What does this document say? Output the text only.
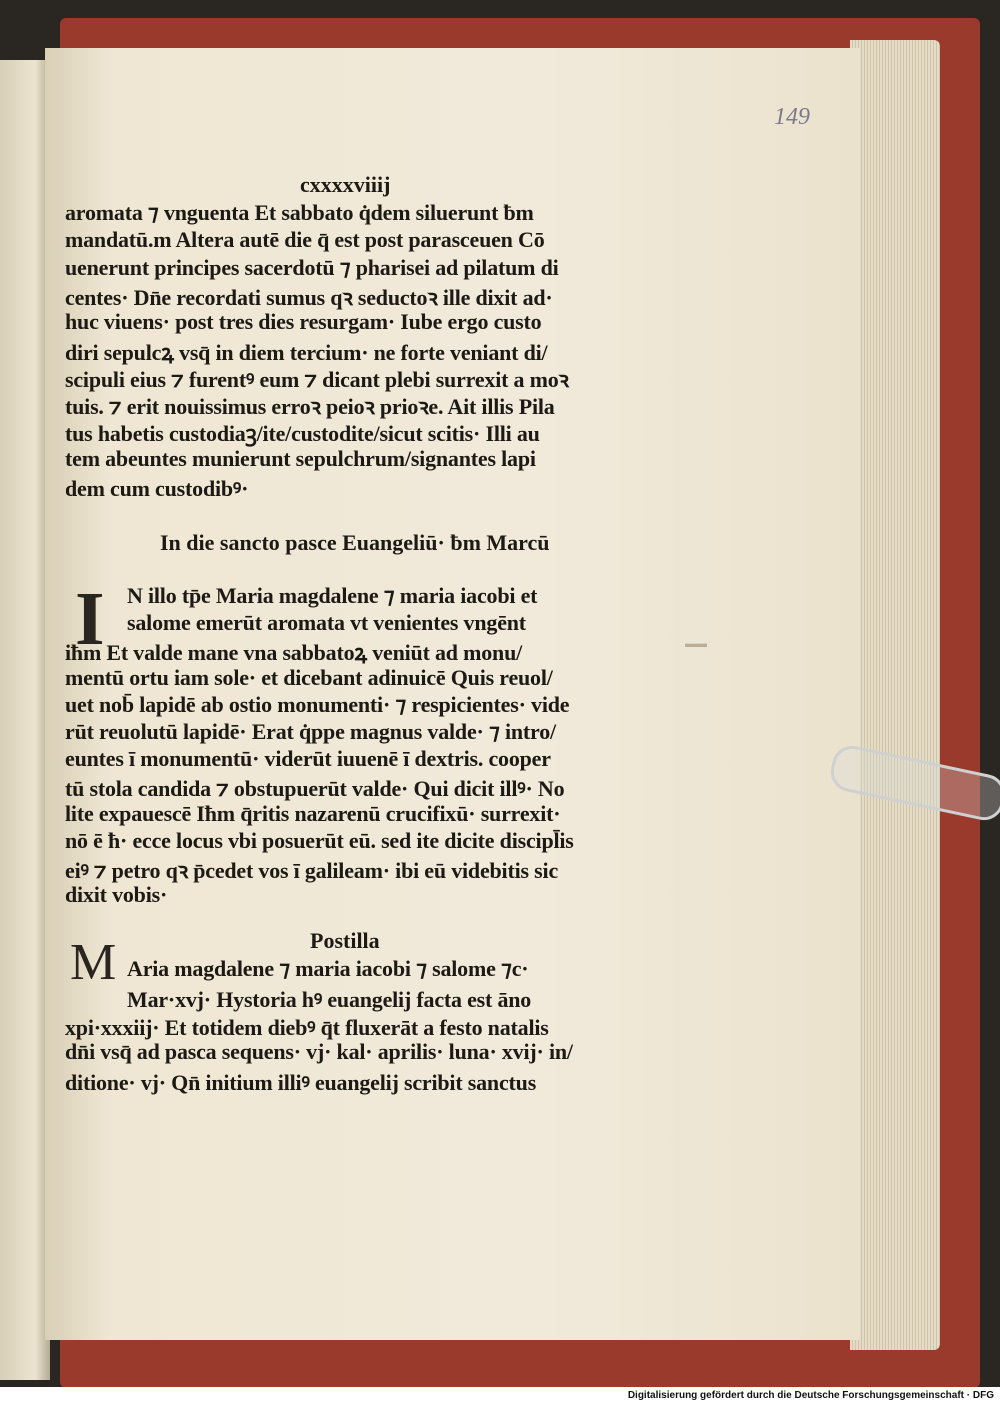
149
cxxxxviiij
aromata ⁊ vnguenta Et sabbato q̇dem siluerunt ƀm
mandatū.m Altera autē die q̄ est post parasceuen Cō
uenerunt principes sacerdotū ⁊ pharisei ad pilatum di
centes· Dn̄e recordati sumus qꝛ seductoꝛ ille dixit ad·
huc viuens· post tres dies resurgam· Iube ergo custo
diri sepulcꝝ vsq̄ in diem tercium· ne forte veniant di/
scipuli eius ⁊ furentꝰ eum ⁊ dicant plebi surrexit a moꝛ
tuis. ⁊ erit nouissimus erroꝛ peioꝛ prioꝛe. Ait illis Pila
tus habetis custodiaꝫ/ite/custodite/sicut scitis· Illi au
tem abeuntes munierunt sepulchrum/signantes lapi
dem cum custodibꝰ·
In die sancto pasce Euangeliū· ƀm Marcū
I N illo tp̄e Maria magdalene ⁊ maria iacobi et
salome emerūt aromata vt venientes vngēnt
iħm Et valde mane vna sabbatoꝝ veniūt ad monu/
mentū ortu iam sole· et dicebant adinuicē Quis reuol/
uet nob̄ lapidē ab ostio monumenti· ⁊ respicientes· vide
rūt reuolutū lapidē· Erat q̇ppe magnus valde· ⁊ intro/
euntes ī monumentū· viderūt iuuenē ī dextris. cooper
tū stola candida ⁊ obstupuerūt valde· Qui dicit illꝰ· No
lite expauescē Iħm q̄ritis nazarenū crucifixū· surrexit·
nō ē ħ· ecce locus vbi posuerūt eū. sed ite dicite discipl̄is
eiꝰ ⁊ petro qꝛ p̄cedet vos ī galileam· ibi eū videbitis sic
dixit vobis·
Postilla
M Aria magdalene ⁊ maria iacobi ⁊ salome ⁊c·
Mar·xvj· Hystoria hꝰ euangelij facta est āno
xpi·xxxiij· Et totidem diebꝰ q̄t fluxerāt a festo natalis
dn̄i vsq̄ ad pasca sequens· vj· kal· aprilis· luna· xvij· in/
ditione· vj· Qn̄ initium illiꝰ euangelij scribit sanctus
▬▬
Digitalisierung gefördert durch die Deutsche Forschungsgemeinschaft · DFG
